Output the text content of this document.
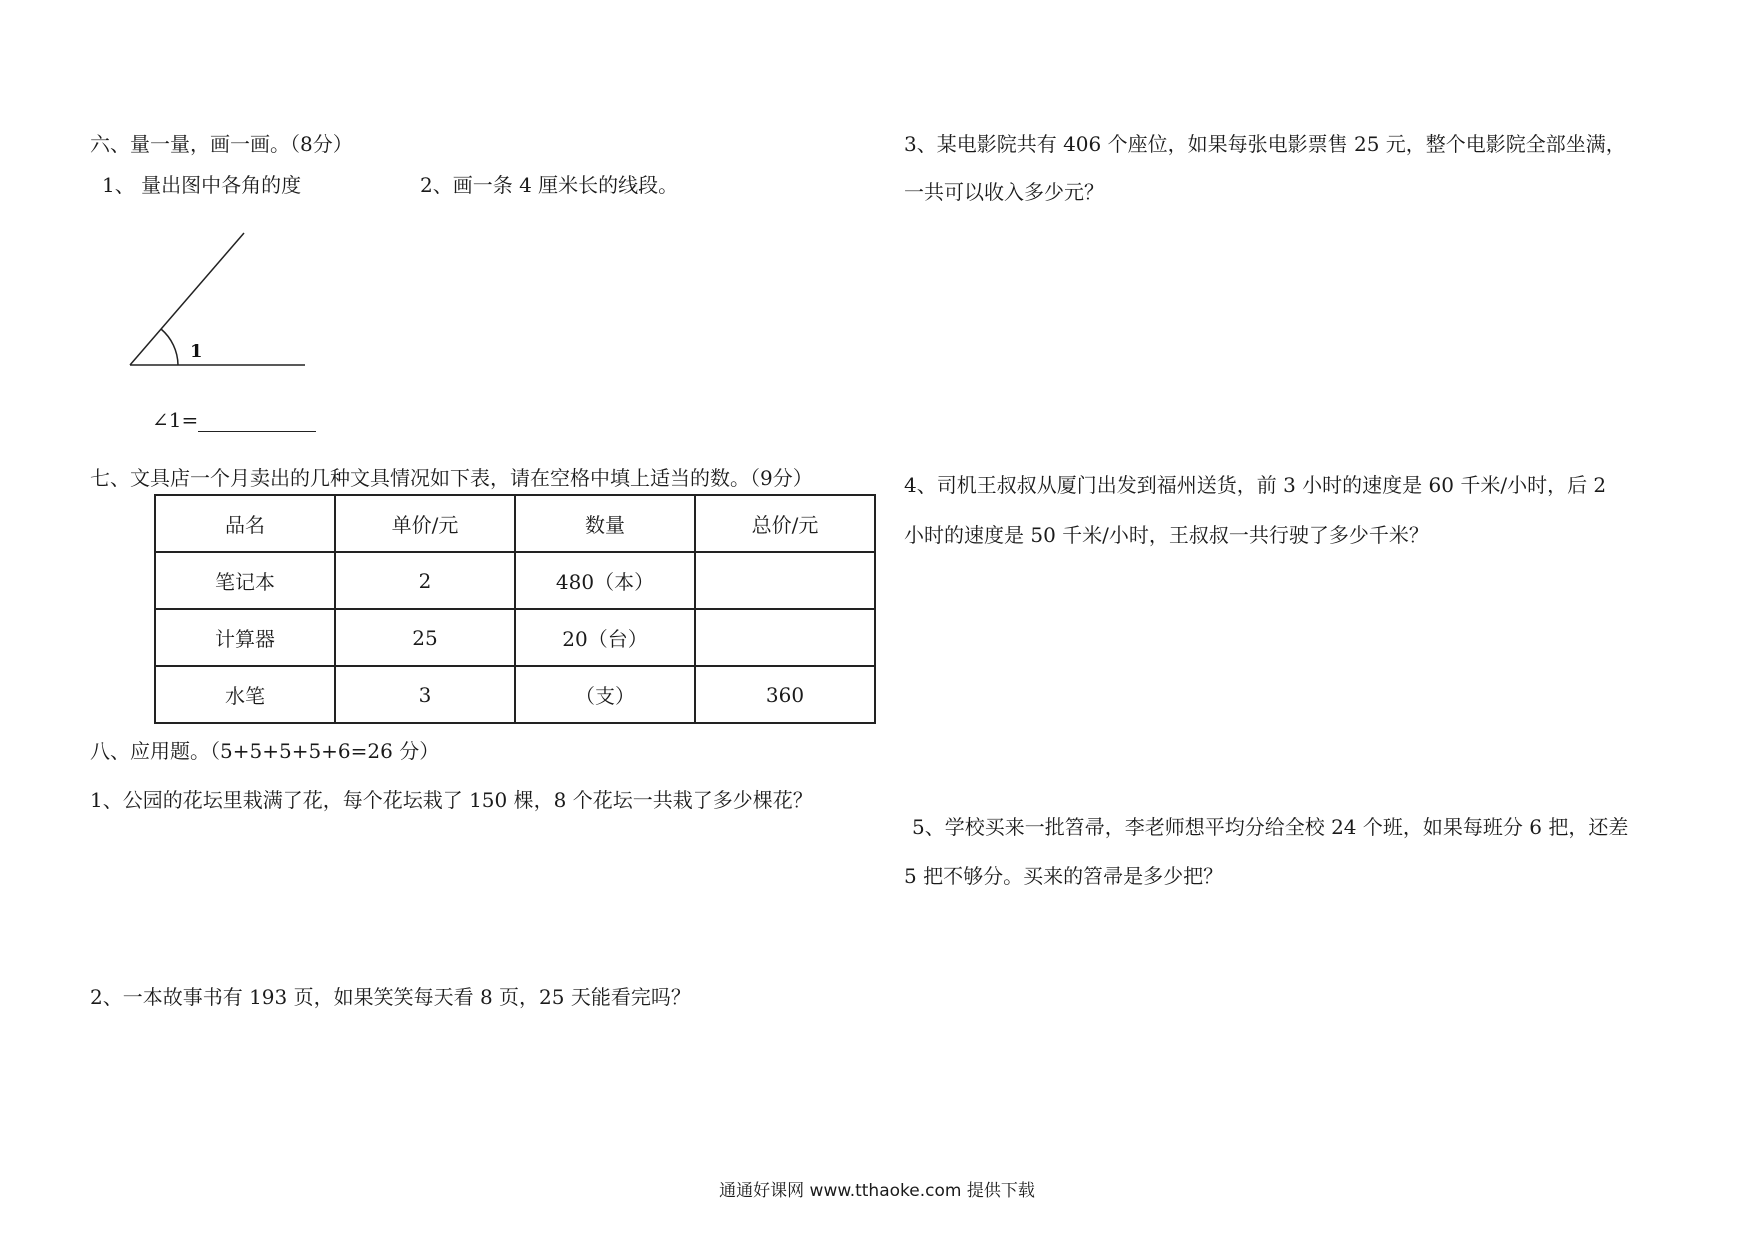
六、量一量，画一画。（8分）
1、 量出图中各角的度	2、画一条 4 厘米长的线段。
1
∠1=
七、文具店一个月卖出的几种文具情况如下表，请在空格中填上适当的数。（9分）
品名	单价/元	数量	总价/元
笔记本	2	480（本）	
计算器	25	20（台）	
水笔	3	（支）	360
八、应用题。（5+5+5+5+6=26 分）
1、公园的花坛里栽满了花，每个花坛栽了 150 棵，8 个花坛一共栽了多少棵花？
2、一本故事书有 193 页，如果笑笑每天看 8 页，25 天能看完吗？
3、某电影院共有 406 个座位，如果每张电影票售 25 元，整个电影院全部坐满，
一共可以收入多少元？
4、司机王叔叔从厦门出发到福州送货，前 3 小时的速度是 60 千米/小时，后 2
小时的速度是 50 千米/小时，王叔叔一共行驶了多少千米？
5、学校买来一批笤帚，李老师想平均分给全校 24 个班，如果每班分 6 把，还差
5 把不够分。买来的笤帚是多少把？
通通好课网 www.tthaoke.com 提供下载
